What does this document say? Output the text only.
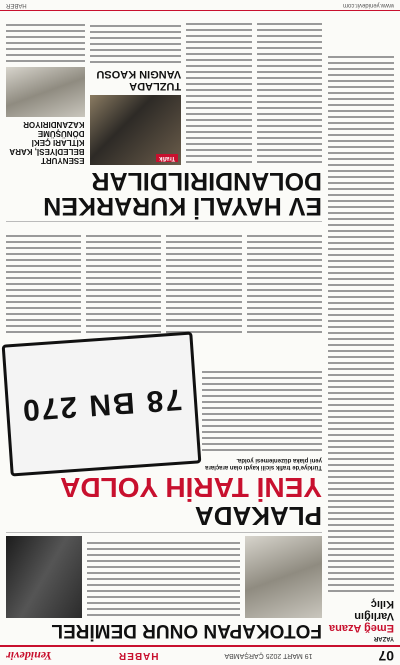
07
19 MART 2025 ÇARŞAMBA
HABER
Yenidevir
YAZAR
Emeğ Azana
Varlığın Kılıç
FOTOKAPAN ONUR DEMİREL
PLAKADA
YENİ TARİH YOLDA
Türkiye'de trafik sicili kaydı olan araçlara yeni plaka düzenlemesi yolda.
78 BN 270
EV HAYALİ KURARKEN
DOLANDIRILDILAR
Trafik
TUZLADA VANGIN KAOSU
ESENYURT BELEDİYESİ, KARA KİTLARI ÇEKİ DÖNÜŞÜME KAZANDIRIYOR
www.yenidevir.com
HABER
